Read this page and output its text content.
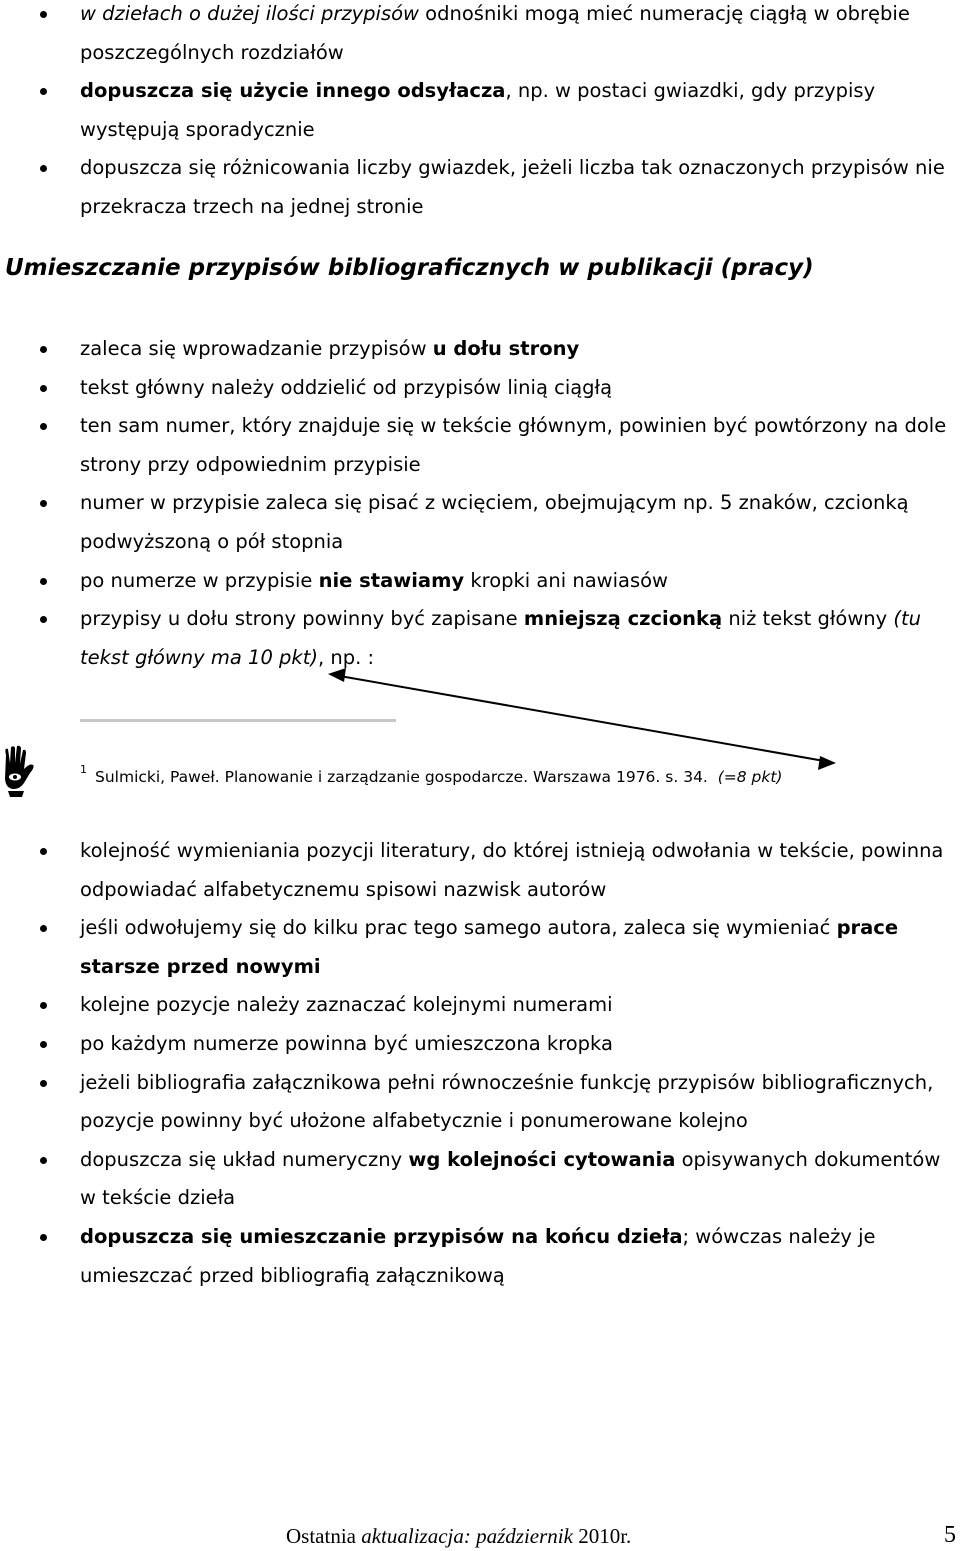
w dziełach o dużej ilości przypisów odnośniki mogą mieć numerację ciągłą w obrębie poszczególnych rozdziałów
dopuszcza się użycie innego odsyłacza, np. w postaci gwiazdki, gdy przypisy występują sporadycznie
dopuszcza się różnicowania liczby gwiazdek, jeżeli liczba tak oznaczonych przypisów nie przekracza trzech na jednej stronie
Umieszczanie przypisów bibliograficznych w publikacji (pracy)
zaleca się wprowadzanie przypisów u dołu strony
tekst główny należy oddzielić od przypisów linią ciągłą
ten sam numer, który znajduje się w tekście głównym, powinien być powtórzony na dole strony przy odpowiednim przypisie
numer w przypisie zaleca się pisać z wcięciem, obejmującym np. 5 znaków, czcionką podwyższoną o pół stopnia
po numerze w przypisie nie stawiamy kropki ani nawiasów
przypisy u dołu strony powinny być zapisane mniejszą czcionką niż tekst główny (tu tekst główny ma 10 pkt), np. :
$^1$ Sulmicki, Paweł. Planowanie i zarządzanie gospodarcze. Warszawa 1976. s. 34. (=8 pkt)
kolejność wymieniania pozycji literatury, do której istnieją odwołania w tekście, powinna odpowiadać alfabetycznemu spisowi nazwisk autorów
jeśli odwołujemy się do kilku prac tego samego autora, zaleca się wymieniać prace starsze przed nowymi
kolejne pozycje należy zaznaczać kolejnymi numerami
po każdym numerze powinna być umieszczona kropka
jeżeli bibliografia załącznikowa pełni równocześnie funkcję przypisów bibliograficznych, pozycje powinny być ułożone alfabetycznie i ponumerowane kolejno
dopuszcza się układ numeryczny wg kolejności cytowania opisywanych dokumentów w tekście dzieła
dopuszcza się umieszczanie przypisów na końcu dzieła; wówczas należy je umieszczać przed bibliografią załącznikową
Ostatnia aktualizacja: październik 2010r.	5
